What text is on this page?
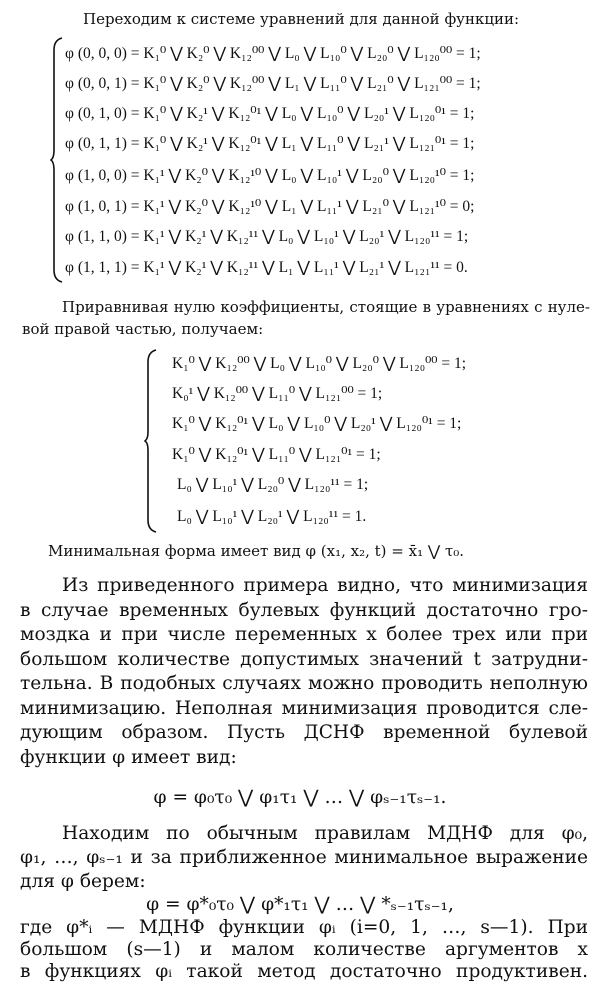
Переходим к системе уравнений для данной функции:
φ (0, 0, 0) = K₁⁰ ⋁ K₂⁰ ⋁ K₁₂⁰⁰ ⋁ L₀ ⋁ L₁₀⁰ ⋁ L₂₀⁰ ⋁ L₁₂₀⁰⁰ = 1;
φ (0, 0, 1) = K₁⁰ ⋁ K₂⁰ ⋁ K₁₂⁰⁰ ⋁ L₁ ⋁ L₁₁⁰ ⋁ L₂₁⁰ ⋁ L₁₂₁⁰⁰ = 1;
φ (0, 1, 0) = K₁⁰ ⋁ K₂¹ ⋁ K₁₂⁰¹ ⋁ L₀ ⋁ L₁₀⁰ ⋁ L₂₀¹ ⋁ L₁₂₀⁰¹ = 1;
φ (0, 1, 1) = K₁⁰ ⋁ K₂¹ ⋁ K₁₂⁰¹ ⋁ L₁ ⋁ L₁₁⁰ ⋁ L₂₁¹ ⋁ L₁₂₁⁰¹ = 1;
φ (1, 0, 0) = K₁¹ ⋁ K₂⁰ ⋁ K₁₂¹⁰ ⋁ L₀ ⋁ L₁₀¹ ⋁ L₂₀⁰ ⋁ L₁₂₀¹⁰ = 1;
φ (1, 0, 1) = K₁¹ ⋁ K₂⁰ ⋁ K₁₂¹⁰ ⋁ L₁ ⋁ L₁₁¹ ⋁ L₂₁⁰ ⋁ L₁₂₁¹⁰ = 0;
φ (1, 1, 0) = K₁¹ ⋁ K₂¹ ⋁ K₁₂¹¹ ⋁ L₀ ⋁ L₁₀¹ ⋁ L₂₀¹ ⋁ L₁₂₀¹¹ = 1;
φ (1, 1, 1) = K₁¹ ⋁ K₂¹ ⋁ K₁₂¹¹ ⋁ L₁ ⋁ L₁₁¹ ⋁ L₂₁¹ ⋁ L₁₂₁¹¹ = 0.
Приравнивая нулю коэффициенты, стоящие в уравнениях с нуле-
вой правой частью, получаем:
K₁⁰ ⋁ K₁₂⁰⁰ ⋁ L₀ ⋁ L₁₀⁰ ⋁ L₂₀⁰ ⋁ L₁₂₀⁰⁰ = 1;
K₀¹ ⋁ K₁₂⁰⁰ ⋁ L₁₁⁰ ⋁ L₁₂₁⁰⁰ = 1;
K₁⁰ ⋁ K₁₂⁰¹ ⋁ L₀ ⋁ L₁₀⁰ ⋁ L₂₀¹ ⋁ L₁₂₀⁰¹ = 1;
K₁⁰ ⋁ K₁₂⁰¹ ⋁ L₁₁⁰ ⋁ L₁₂₁⁰¹ = 1;
L₀ ⋁ L₁₀¹ ⋁ L₂₀⁰ ⋁ L₁₂₀¹¹ = 1;
L₀ ⋁ L₁₀¹ ⋁ L₂₀¹ ⋁ L₁₂₀¹¹ = 1.
Минимальная форма имеет вид φ (x₁, x₂, t) = x̄₁ ⋁ τ₀.
Из приведенного примера видно, что минимизация
в случае временных булевых функций достаточно гро-
моздка и при числе переменных x более трех или при
большом количестве допустимых значений t затрудни-
тельна. В подобных случаях можно проводить неполную
минимизацию. Неполная минимизация проводится сле-
дующим образом. Пусть ДСНФ временной булевой
функции φ имеет вид:
φ = φ₀τ₀ ⋁ φ₁τ₁ ⋁ … ⋁ φₛ₋₁τₛ₋₁.
Находим по обычным правилам МДНФ для φ₀,
φ₁, …, φₛ₋₁ и за приближенное минимальное выражение
для φ берем:
φ = φ*₀τ₀ ⋁ φ*₁τ₁ ⋁ … ⋁ *ₛ₋₁τₛ₋₁,
где φ*ᵢ — МДНФ функции φᵢ (i=0, 1, …, s—1). При
большом (s—1) и малом количестве аргументов x
в функциях φᵢ такой метод достаточно продуктивен.
